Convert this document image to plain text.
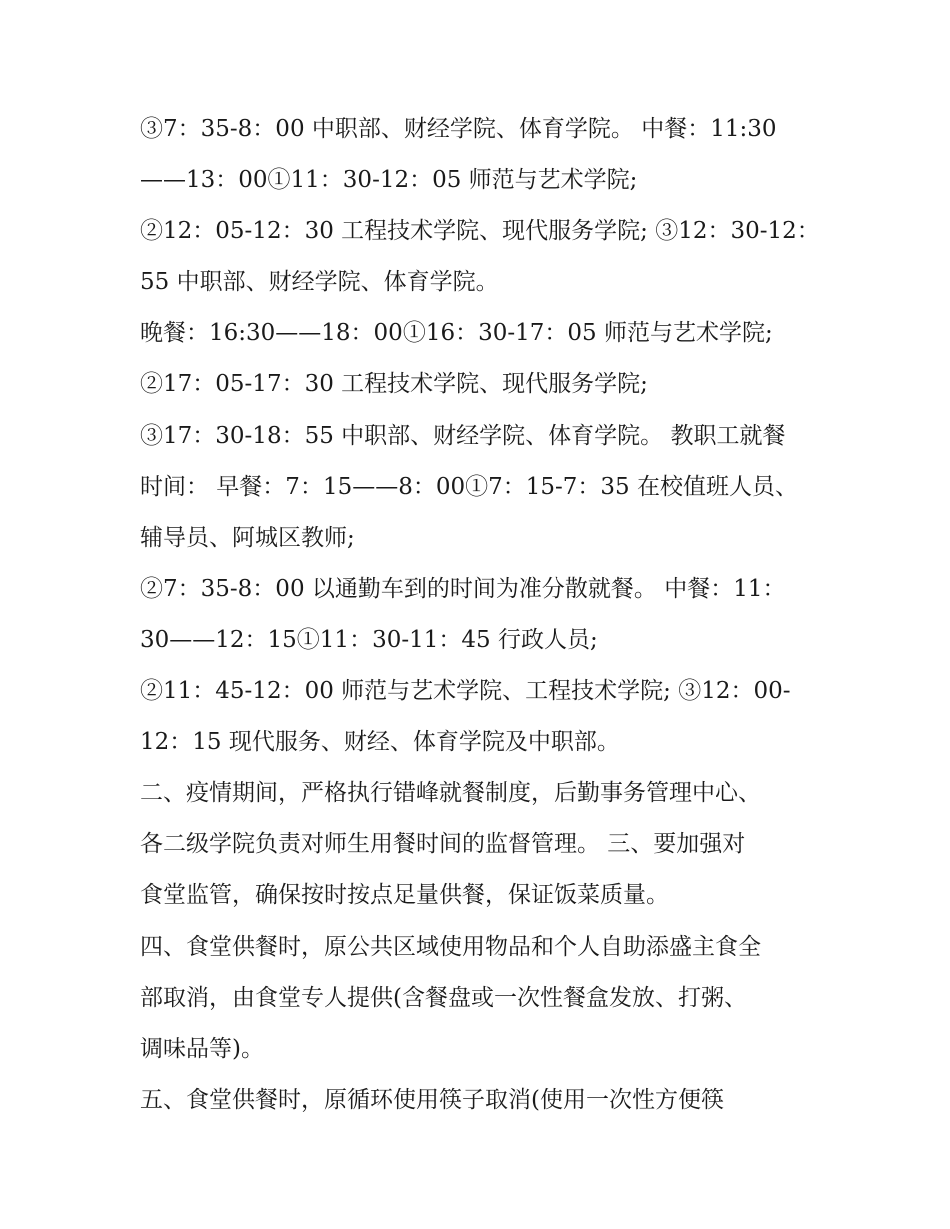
③7：35-8：00 中职部、财经学院、体育学院。 中餐：11:30

——13：00①11：30-12：05 师范与艺术学院;

②12：05-12：30 工程技术学院、现代服务学院; ③12：30-12：

55 中职部、财经学院、体育学院。

晚餐：16:30——18：00①16：30-17：05 师范与艺术学院;

②17：05-17：30 工程技术学院、现代服务学院;

③17：30-18：55 中职部、财经学院、体育学院。 教职工就餐

时间： 早餐：7：15——8：00①7：15-7：35 在校值班人员、

辅导员、阿城区教师;

②7：35-8：00 以通勤车到的时间为准分散就餐。 中餐：11：

30——12：15①11：30-11：45 行政人员;

②11：45-12：00 师范与艺术学院、工程技术学院; ③12：00-

12：15 现代服务、财经、体育学院及中职部。

二、疫情期间，严格执行错峰就餐制度，后勤事务管理中心、

各二级学院负责对师生用餐时间的监督管理。 三、要加强对

食堂监管，确保按时按点足量供餐，保证饭菜质量。

四、食堂供餐时，原公共区域使用物品和个人自助添盛主食全

部取消，由食堂专人提供(含餐盘或一次性餐盒发放、打粥、

调味品等)。

五、食堂供餐时，原循环使用筷子取消(使用一次性方便筷
